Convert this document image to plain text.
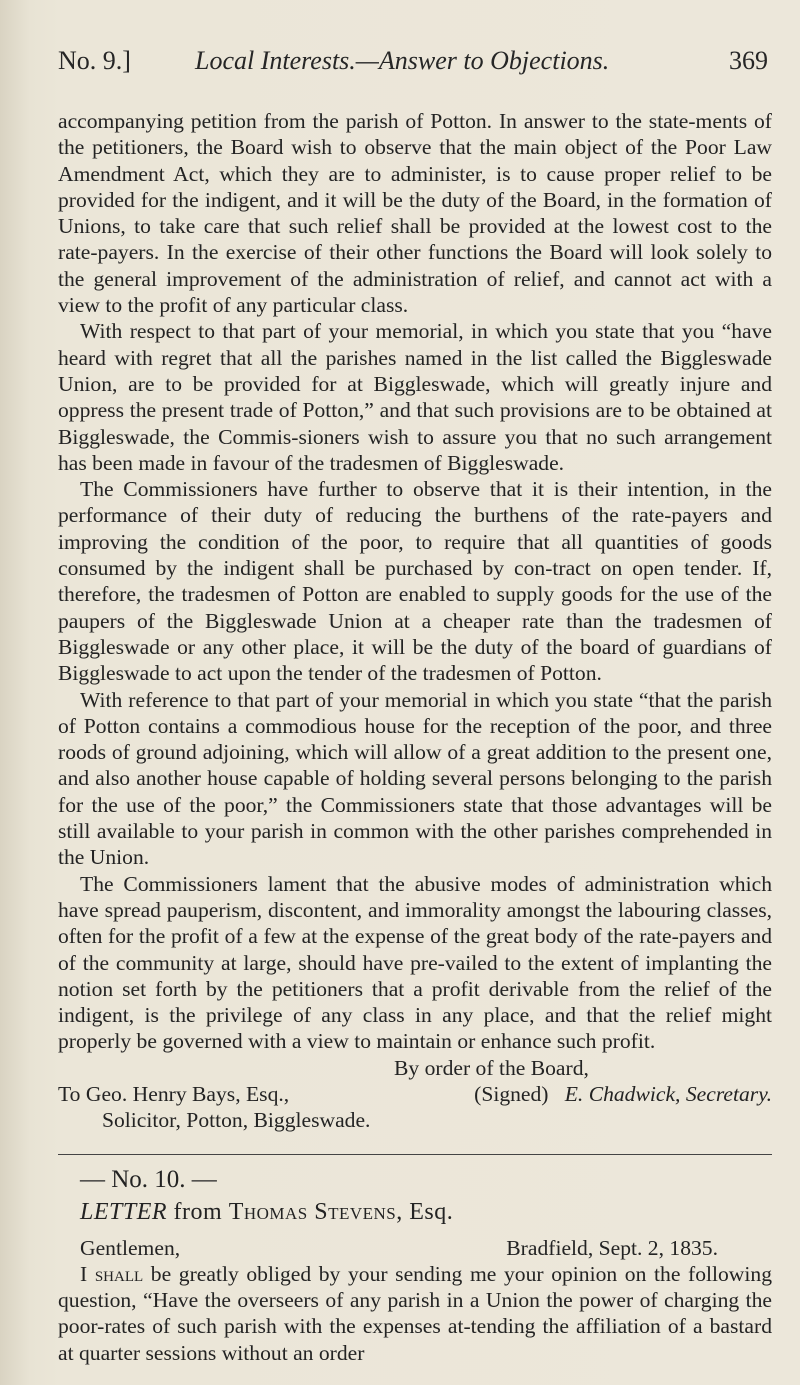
No. 9.] Local Interests.—Answer to Objections.	369

accompanying petition from the parish of Potton. In answer to the state-ments of the petitioners, the Board wish to observe that the main object of the Poor Law Amendment Act, which they are to administer, is to cause proper relief to be provided for the indigent, and it will be the duty of the Board, in the formation of Unions, to take care that such relief shall be provided at the lowest cost to the rate-payers. In the exercise of their other functions the Board will look solely to the general improvement of the administration of relief, and cannot act with a view to the profit of any particular class.

With respect to that part of your memorial, in which you state that you “have heard with regret that all the parishes named in the list called the Biggleswade Union, are to be provided for at Biggleswade, which will greatly injure and oppress the present trade of Potton,” and that such provisions are to be obtained at Biggleswade, the Commis-sioners wish to assure you that no such arrangement has been made in favour of the tradesmen of Biggleswade.

The Commissioners have further to observe that it is their intention, in the performance of their duty of reducing the burthens of the rate-payers and improving the condition of the poor, to require that all quantities of goods consumed by the indigent shall be purchased by con-tract on open tender. If, therefore, the tradesmen of Potton are enabled to supply goods for the use of the paupers of the Biggleswade Union at a cheaper rate than the tradesmen of Biggleswade or any other place, it will be the duty of the board of guardians of Biggleswade to act upon the tender of the tradesmen of Potton.

With reference to that part of your memorial in which you state “that the parish of Potton contains a commodious house for the reception of the poor, and three roods of ground adjoining, which will allow of a great addition to the present one, and also another house capable of holding several persons belonging to the parish for the use of the poor,” the Commissioners state that those advantages will be still available to your parish in common with the other parishes comprehended in the Union.

The Commissioners lament that the abusive modes of administration which have spread pauperism, discontent, and immorality amongst the labouring classes, often for the profit of a few at the expense of the great body of the rate-payers and of the community at large, should have pre-vailed to the extent of implanting the notion set forth by the petitioners that a profit derivable from the relief of the indigent, is the privilege of any class in any place, and that the relief might properly be governed with a view to maintain or enhance such profit.

By order of the Board,

To Geo. Henry Bays, Esq.,	(Signed) E. Chadwick, Secretary.

Solicitor, Potton, Biggleswade.

— No. 10. —

LETTER from Thomas Stevens, Esq.

Gentlemen,	Bradfield, Sept. 2, 1835.

I shall be greatly obliged by your sending me your opinion on the following question, “Have the overseers of any parish in a Union the power of charging the poor-rates of such parish with the expenses at-tending the affiliation of a bastard at quarter sessions without an order
